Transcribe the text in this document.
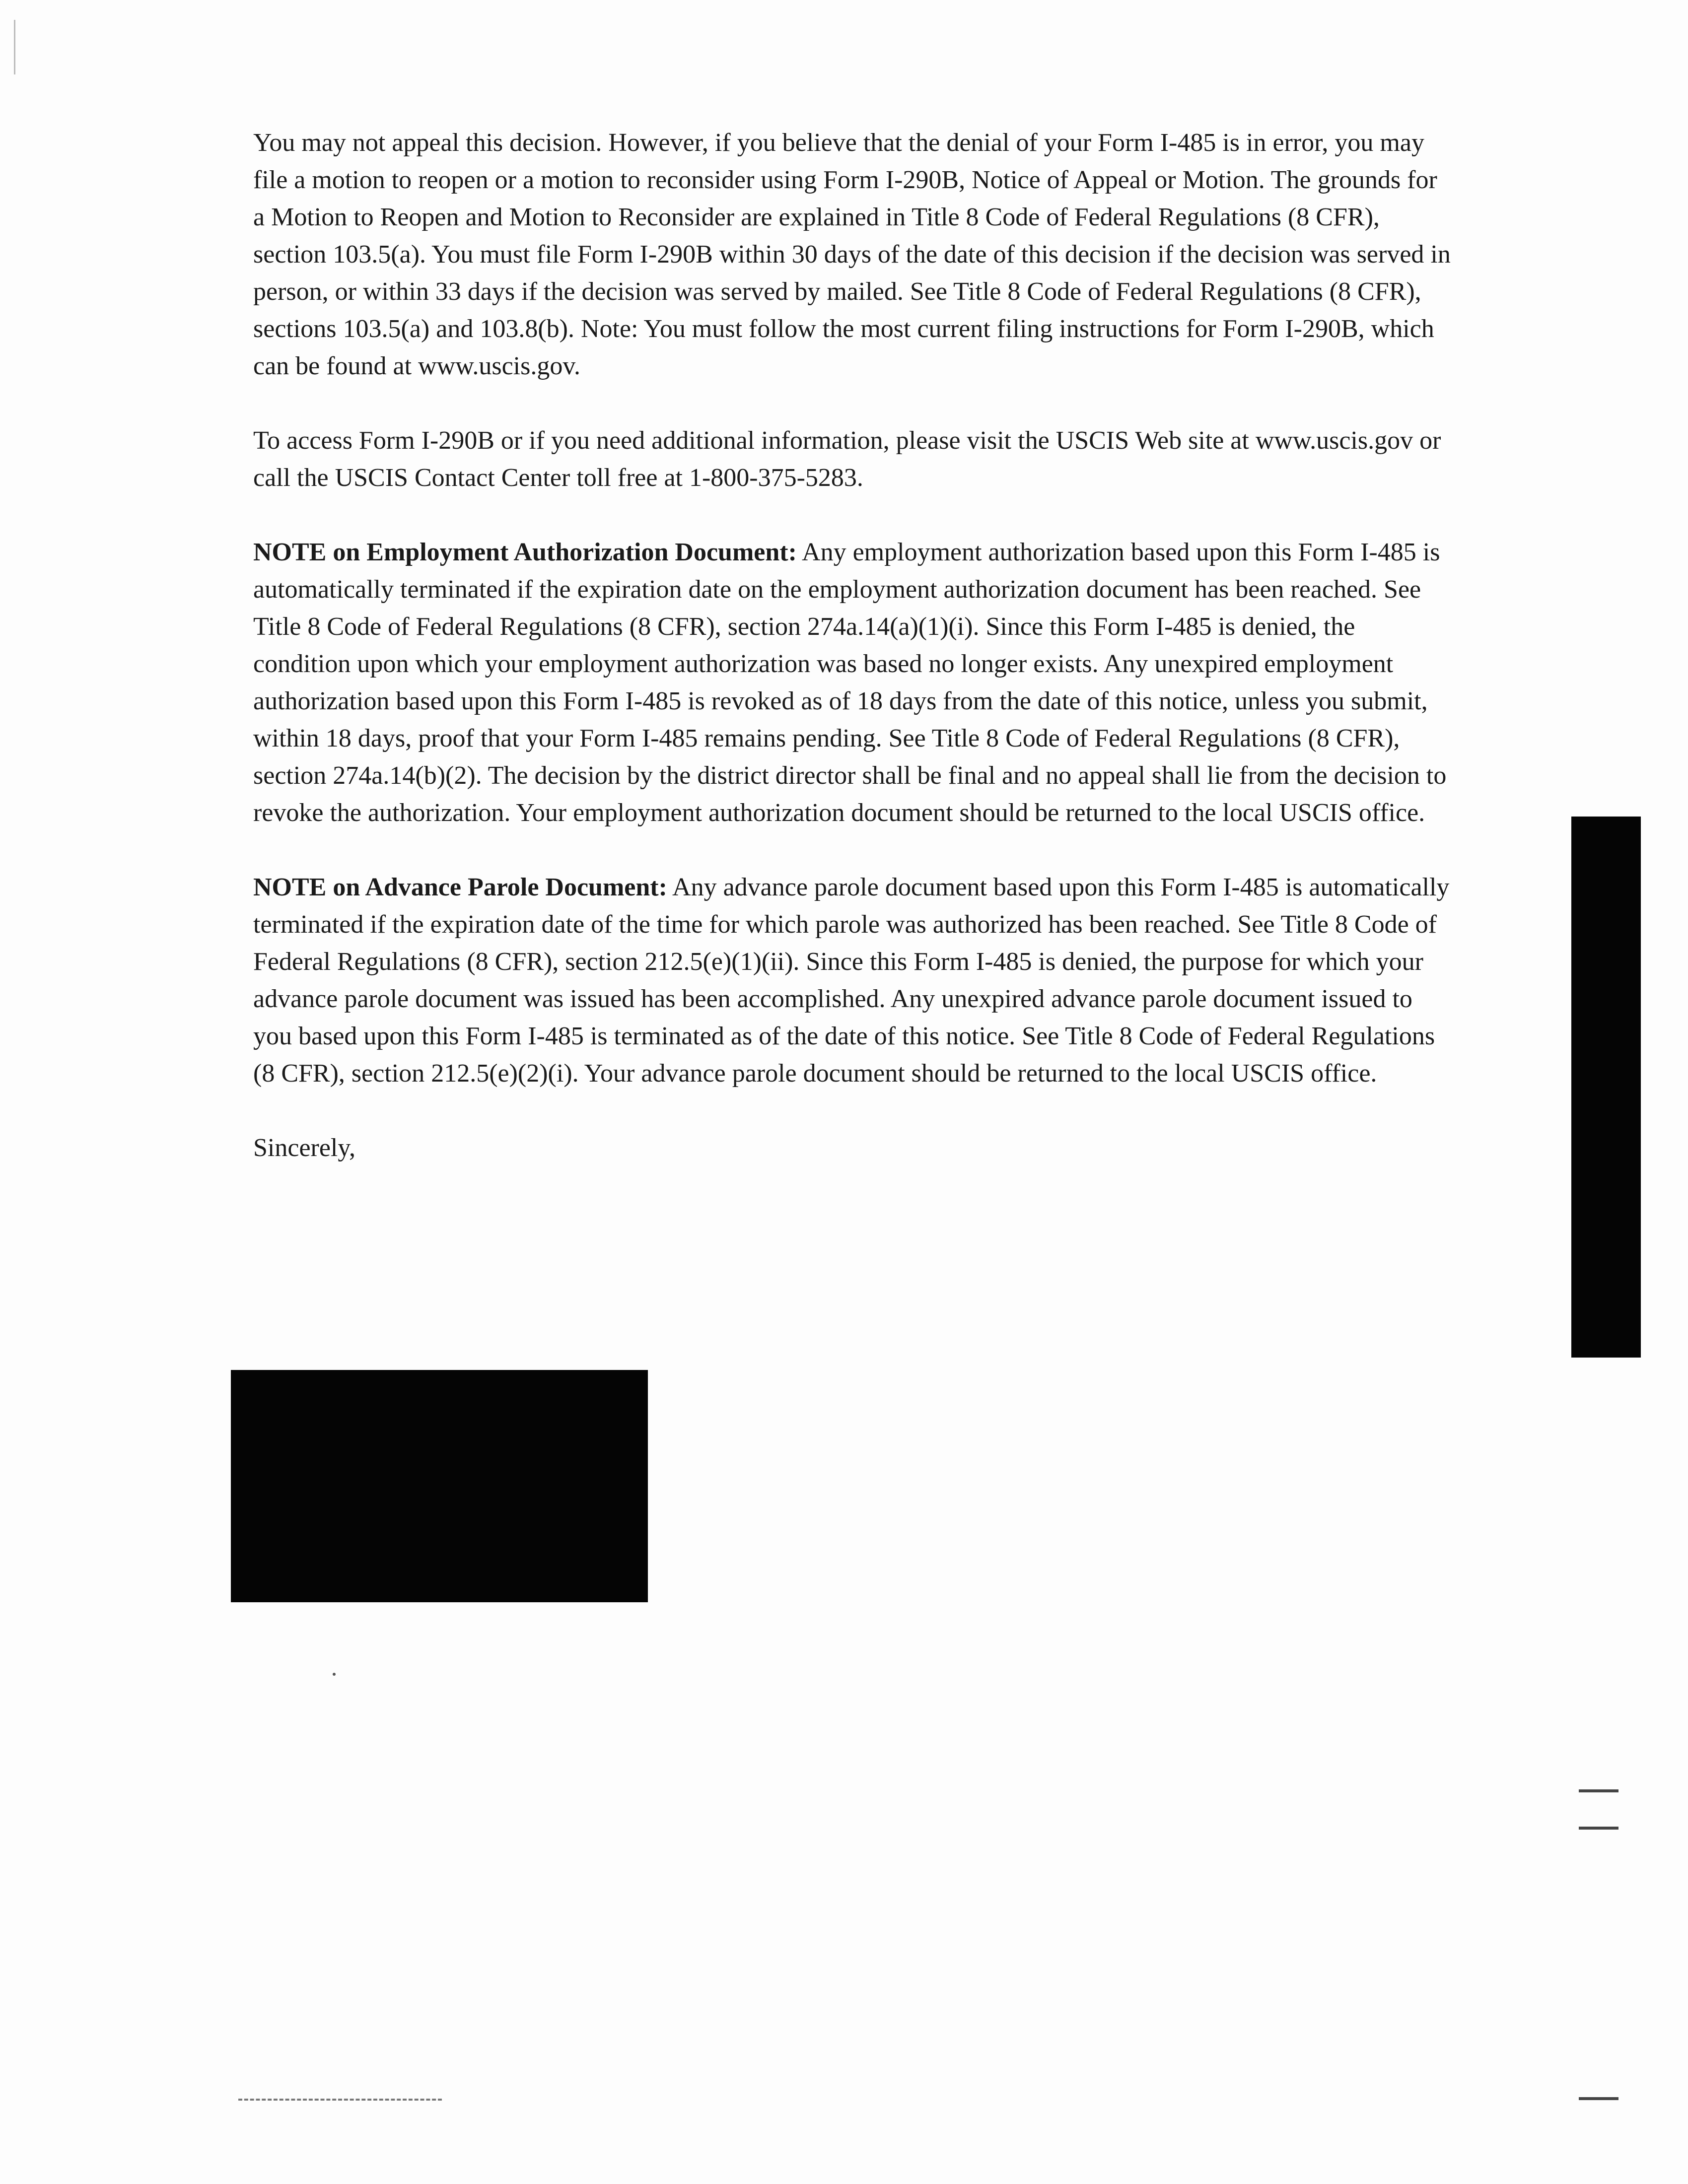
You may not appeal this decision. However, if you believe that the denial of your Form I-485 is in error, you may file a motion to reopen or a motion to reconsider using Form I-290B, Notice of Appeal or Motion. The grounds for a Motion to Reopen and Motion to Reconsider are explained in Title 8 Code of Federal Regulations (8 CFR), section 103.5(a). You must file Form I-290B within 30 days of the date of this decision if the decision was served in person, or within 33 days if the decision was served by mailed. See Title 8 Code of Federal Regulations (8 CFR), sections 103.5(a) and 103.8(b). Note: You must follow the most current filing instructions for Form I-290B, which can be found at www.uscis.gov.

To access Form I-290B or if you need additional information, please visit the USCIS Web site at www.uscis.gov or call the USCIS Contact Center toll free at 1-800-375-5283.

NOTE on Employment Authorization Document: Any employment authorization based upon this Form I-485 is automatically terminated if the expiration date on the employment authorization document has been reached. See Title 8 Code of Federal Regulations (8 CFR), section 274a.14(a)(1)(i). Since this Form I-485 is denied, the condition upon which your employment authorization was based no longer exists. Any unexpired employment authorization based upon this Form I-485 is revoked as of 18 days from the date of this notice, unless you submit, within 18 days, proof that your Form I-485 remains pending. See Title 8 Code of Federal Regulations (8 CFR), section 274a.14(b)(2). The decision by the district director shall be final and no appeal shall lie from the decision to revoke the authorization. Your employment authorization document should be returned to the local USCIS office.

NOTE on Advance Parole Document: Any advance parole document based upon this Form I-485 is automatically terminated if the expiration date of the time for which parole was authorized has been reached. See Title 8 Code of Federal Regulations (8 CFR), section 212.5(e)(1)(ii). Since this Form I-485 is denied, the purpose for which your advance parole document was issued has been accomplished. Any unexpired advance parole document issued to you based upon this Form I-485 is terminated as of the date of this notice. See Title 8 Code of Federal Regulations (8 CFR), section 212.5(e)(2)(i). Your advance parole document should be returned to the local USCIS office.

Sincerely,
